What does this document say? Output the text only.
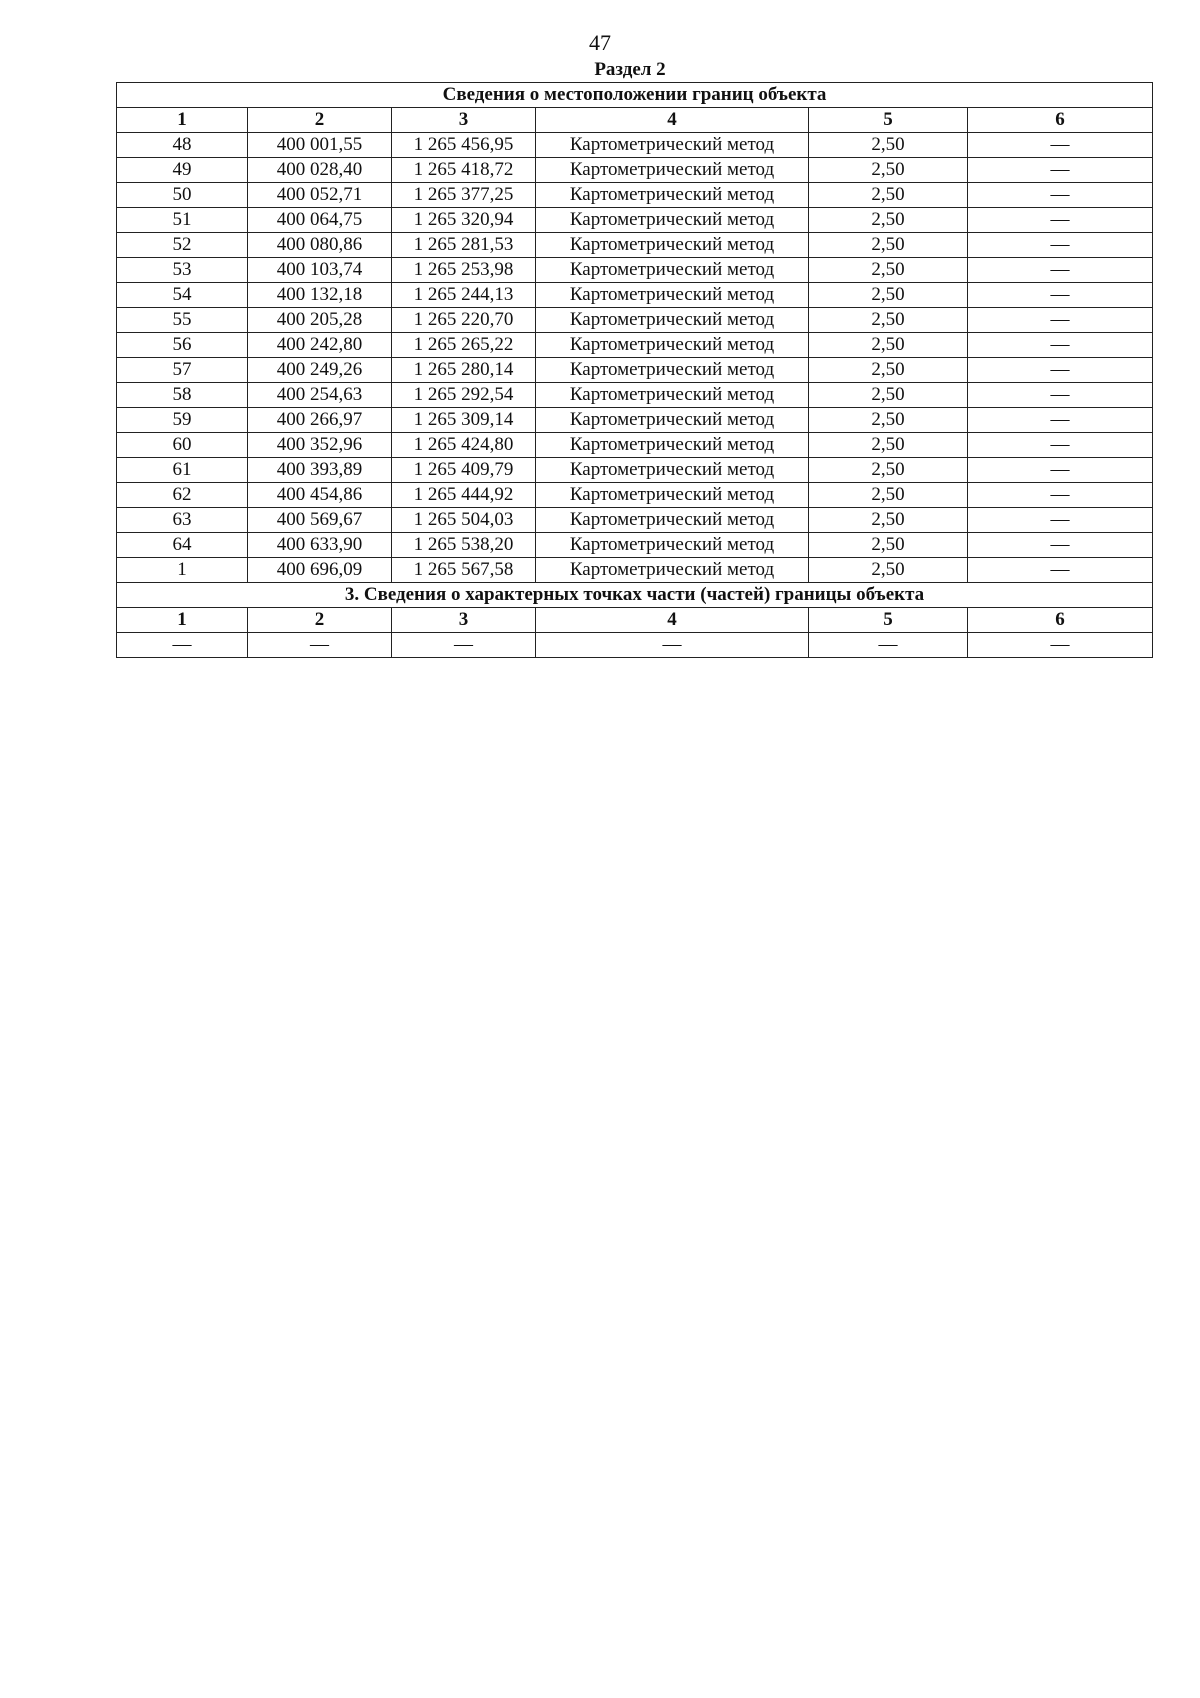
47
Раздел 2
Сведения о местоположении границ объекта					
1	2	3	4	5	6
48	400 001,55	1 265 456,95	Картометрический метод	2,50	—
49	400 028,40	1 265 418,72	Картометрический метод	2,50	—
50	400 052,71	1 265 377,25	Картометрический метод	2,50	—
51	400 064,75	1 265 320,94	Картометрический метод	2,50	—
52	400 080,86	1 265 281,53	Картометрический метод	2,50	—
53	400 103,74	1 265 253,98	Картометрический метод	2,50	—
54	400 132,18	1 265 244,13	Картометрический метод	2,50	—
55	400 205,28	1 265 220,70	Картометрический метод	2,50	—
56	400 242,80	1 265 265,22	Картометрический метод	2,50	—
57	400 249,26	1 265 280,14	Картометрический метод	2,50	—
58	400 254,63	1 265 292,54	Картометрический метод	2,50	—
59	400 266,97	1 265 309,14	Картометрический метод	2,50	—
60	400 352,96	1 265 424,80	Картометрический метод	2,50	—
61	400 393,89	1 265 409,79	Картометрический метод	2,50	—
62	400 454,86	1 265 444,92	Картометрический метод	2,50	—
63	400 569,67	1 265 504,03	Картометрический метод	2,50	—
64	400 633,90	1 265 538,20	Картометрический метод	2,50	—
1	400 696,09	1 265 567,58	Картометрический метод	2,50	—
3. Сведения о характерных точках части (частей) границы объекта					
1	2	3	4	5	6
—	—	—	—	—	—
